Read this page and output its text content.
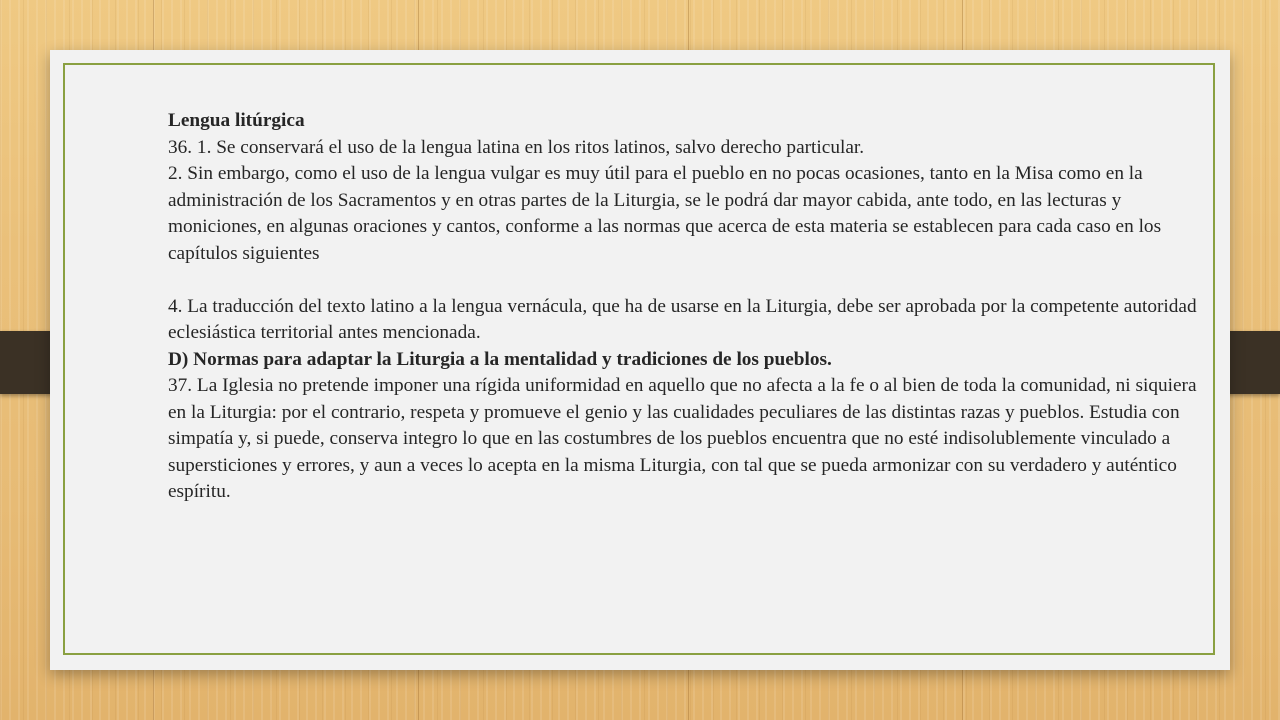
Lengua litúrgica

36. 1. Se conservará el uso de la lengua latina en los ritos latinos, salvo derecho particular.

2. Sin embargo, como el uso de la lengua vulgar es muy útil para el pueblo en no pocas ocasiones, tanto en la Misa como en la administración de los Sacramentos y en otras partes de la Liturgia, se le podrá dar mayor cabida, ante todo, en las lecturas y moniciones, en algunas oraciones y cantos, conforme a las normas que acerca de esta materia se establecen para cada caso en los capítulos siguientes

4. La traducción del texto latino a la lengua vernácula, que ha de usarse en la Liturgia, debe ser aprobada por la competente autoridad eclesiástica territorial antes mencionada.

D) Normas para adaptar la Liturgia a la mentalidad y tradiciones de los pueblos.

37. La Iglesia no pretende imponer una rígida uniformidad en aquello que no afecta a la fe o al bien de toda la comunidad, ni siquiera en la Liturgia: por el contrario, respeta y promueve el genio y las cualidades peculiares de las distintas razas y pueblos. Estudia con simpatía y, si puede, conserva integro lo que en las costumbres de los pueblos encuentra que no esté indisolublemente vinculado a supersticiones y errores, y aun a veces lo acepta en la misma Liturgia, con tal que se pueda armonizar con su verdadero y auténtico espíritu.
